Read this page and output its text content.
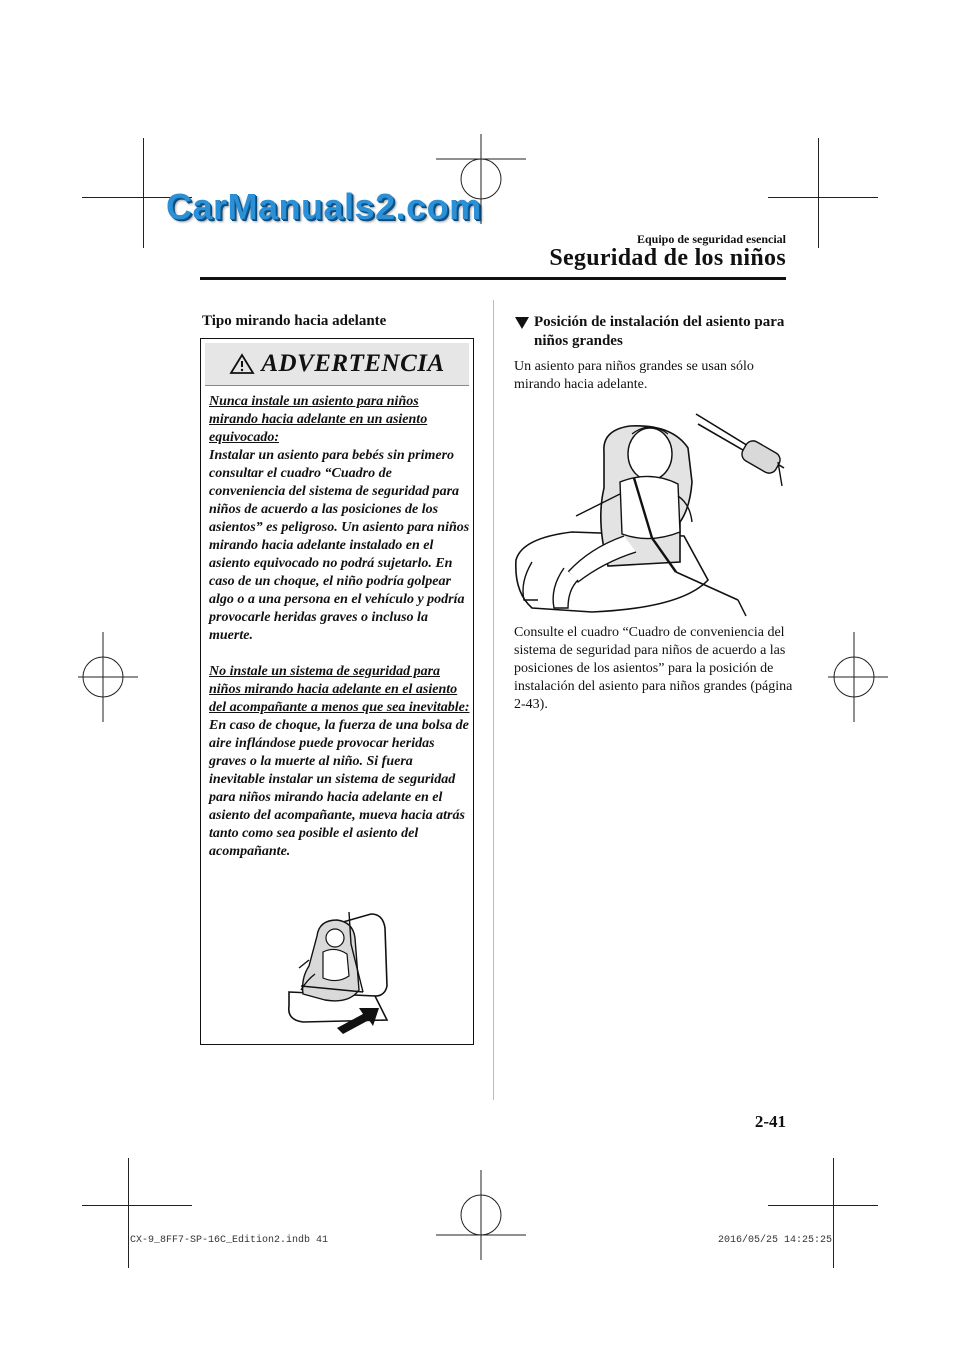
CarManuals2.com
Equipo de seguridad esencial
Seguridad de los niños
Tipo mirando hacia adelante
ADVERTENCIA

Nunca instale un asiento para niños mirando hacia adelante en un asiento equivocado:
Instalar un asiento para bebés sin primero consultar el cuadro “Cuadro de conveniencia del sistema de seguridad para niños de acuerdo a las posiciones de los asientos” es peligroso. Un asiento para niños mirando hacia adelante instalado en el asiento equivocado no podrá sujetarlo. En caso de un choque, el niño podría golpear algo o a una persona en el vehículo y podría provocarle heridas graves o incluso la muerte.

No instale un sistema de seguridad para niños mirando hacia adelante en el asiento del acompañante a menos que sea inevitable:
En caso de choque, la fuerza de una bolsa de aire inflándose puede provocar heridas graves o la muerte al niño. Si fuera inevitable instalar un sistema de seguridad para niños mirando hacia adelante en el asiento del acompañante, mueva hacia atrás tanto como sea posible el asiento del acompañante.

Posición de instalación del asiento para niños grandes
Un asiento para niños grandes se usan sólo mirando hacia adelante.
Consulte el cuadro “Cuadro de conveniencia del sistema de seguridad para niños de acuerdo a las posiciones de los asientos” para la posición de instalación del asiento para niños grandes (página 2-43).
2-41
CX-9_8FF7-SP-16C_Edition2.indb 41	2016/05/25 14:25:25
